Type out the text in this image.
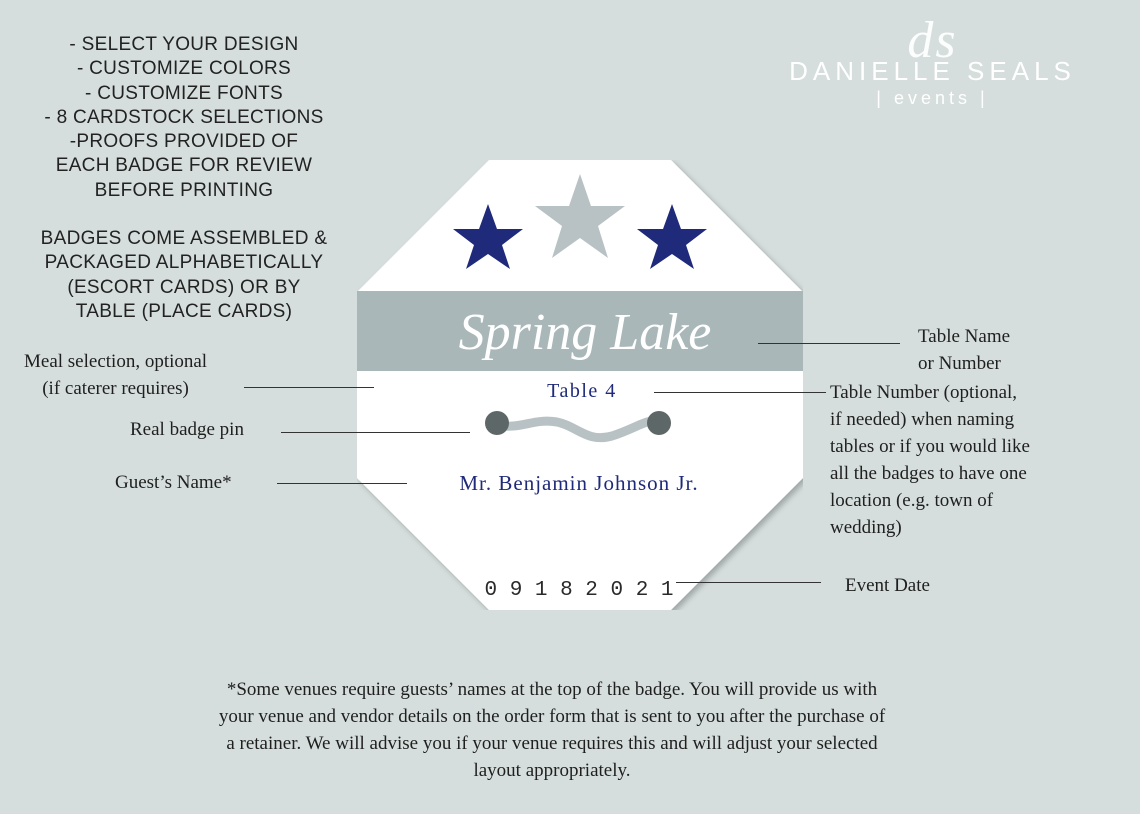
- SELECT YOUR DESIGN
- CUSTOMIZE COLORS
- CUSTOMIZE FONTS
- 8 CARDSTOCK SELECTIONS
-PROOFS PROVIDED OF
EACH BADGE FOR REVIEW
BEFORE PRINTING
BADGES COME ASSEMBLED &
PACKAGED ALPHABETICALLY
(ESCORT CARDS) OR BY
TABLE (PLACE CARDS)
ds
DANIELLE SEALS
| events |
Spring Lake
Table 4
Mr. Benjamin Johnson Jr.
0 9 1 8 2 0 2 1
Table Name
or Number
Meal selection, optional
(if caterer requires)
Real badge pin
Guest’s Name*
Table Number (optional,
if needed) when naming
tables or if you would like
all the badges to have one
location (e.g. town of
wedding)
Event Date
*Some venues require guests’ names at the top of the badge. You will provide us with
your venue and vendor details on the order form that is sent to you after the purchase of
a retainer. We will advise you if your venue requires this and will adjust your selected
layout appropriately.
